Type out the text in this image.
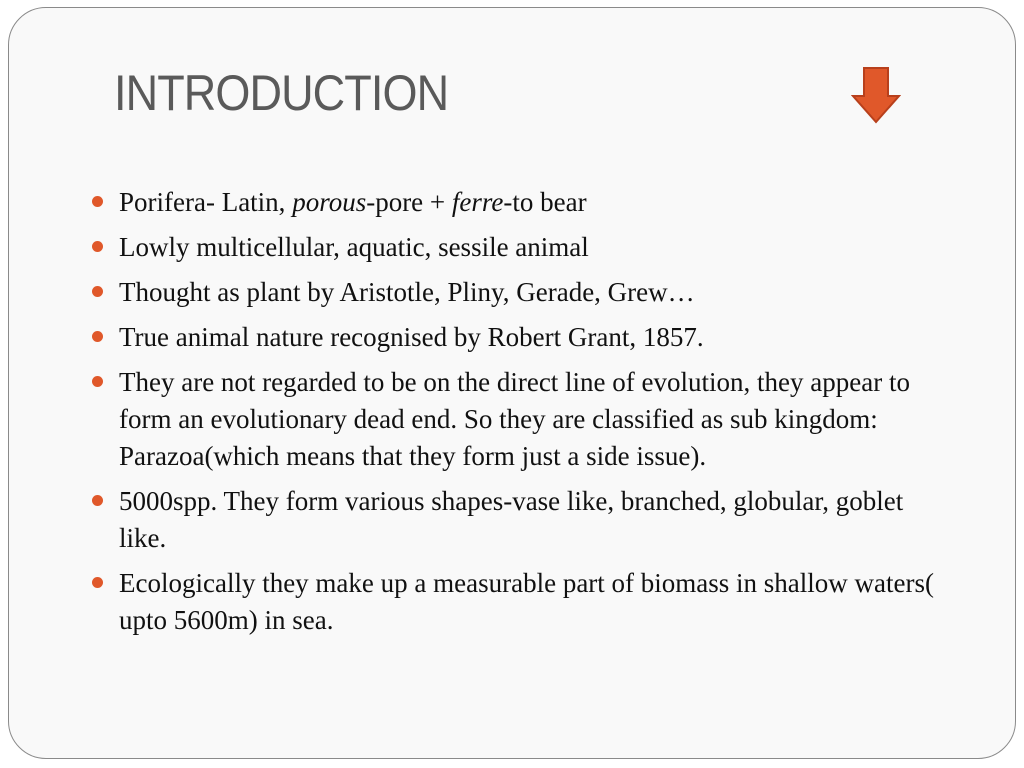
INTRODUCTION
Porifera- Latin, porous-pore + ferre-to bear
Lowly multicellular, aquatic, sessile animal
Thought as plant by Aristotle, Pliny, Gerade, Grew…
True animal nature recognised by Robert Grant, 1857.
They are not regarded to be on the direct line of evolution, they appear to form an evolutionary dead end. So they are classified as sub kingdom: Parazoa(which means that they form just a side issue).
5000spp. They form various shapes-vase like, branched, globular, goblet like.
Ecologically they make up a measurable part of biomass in shallow waters( upto 5600m) in sea.
